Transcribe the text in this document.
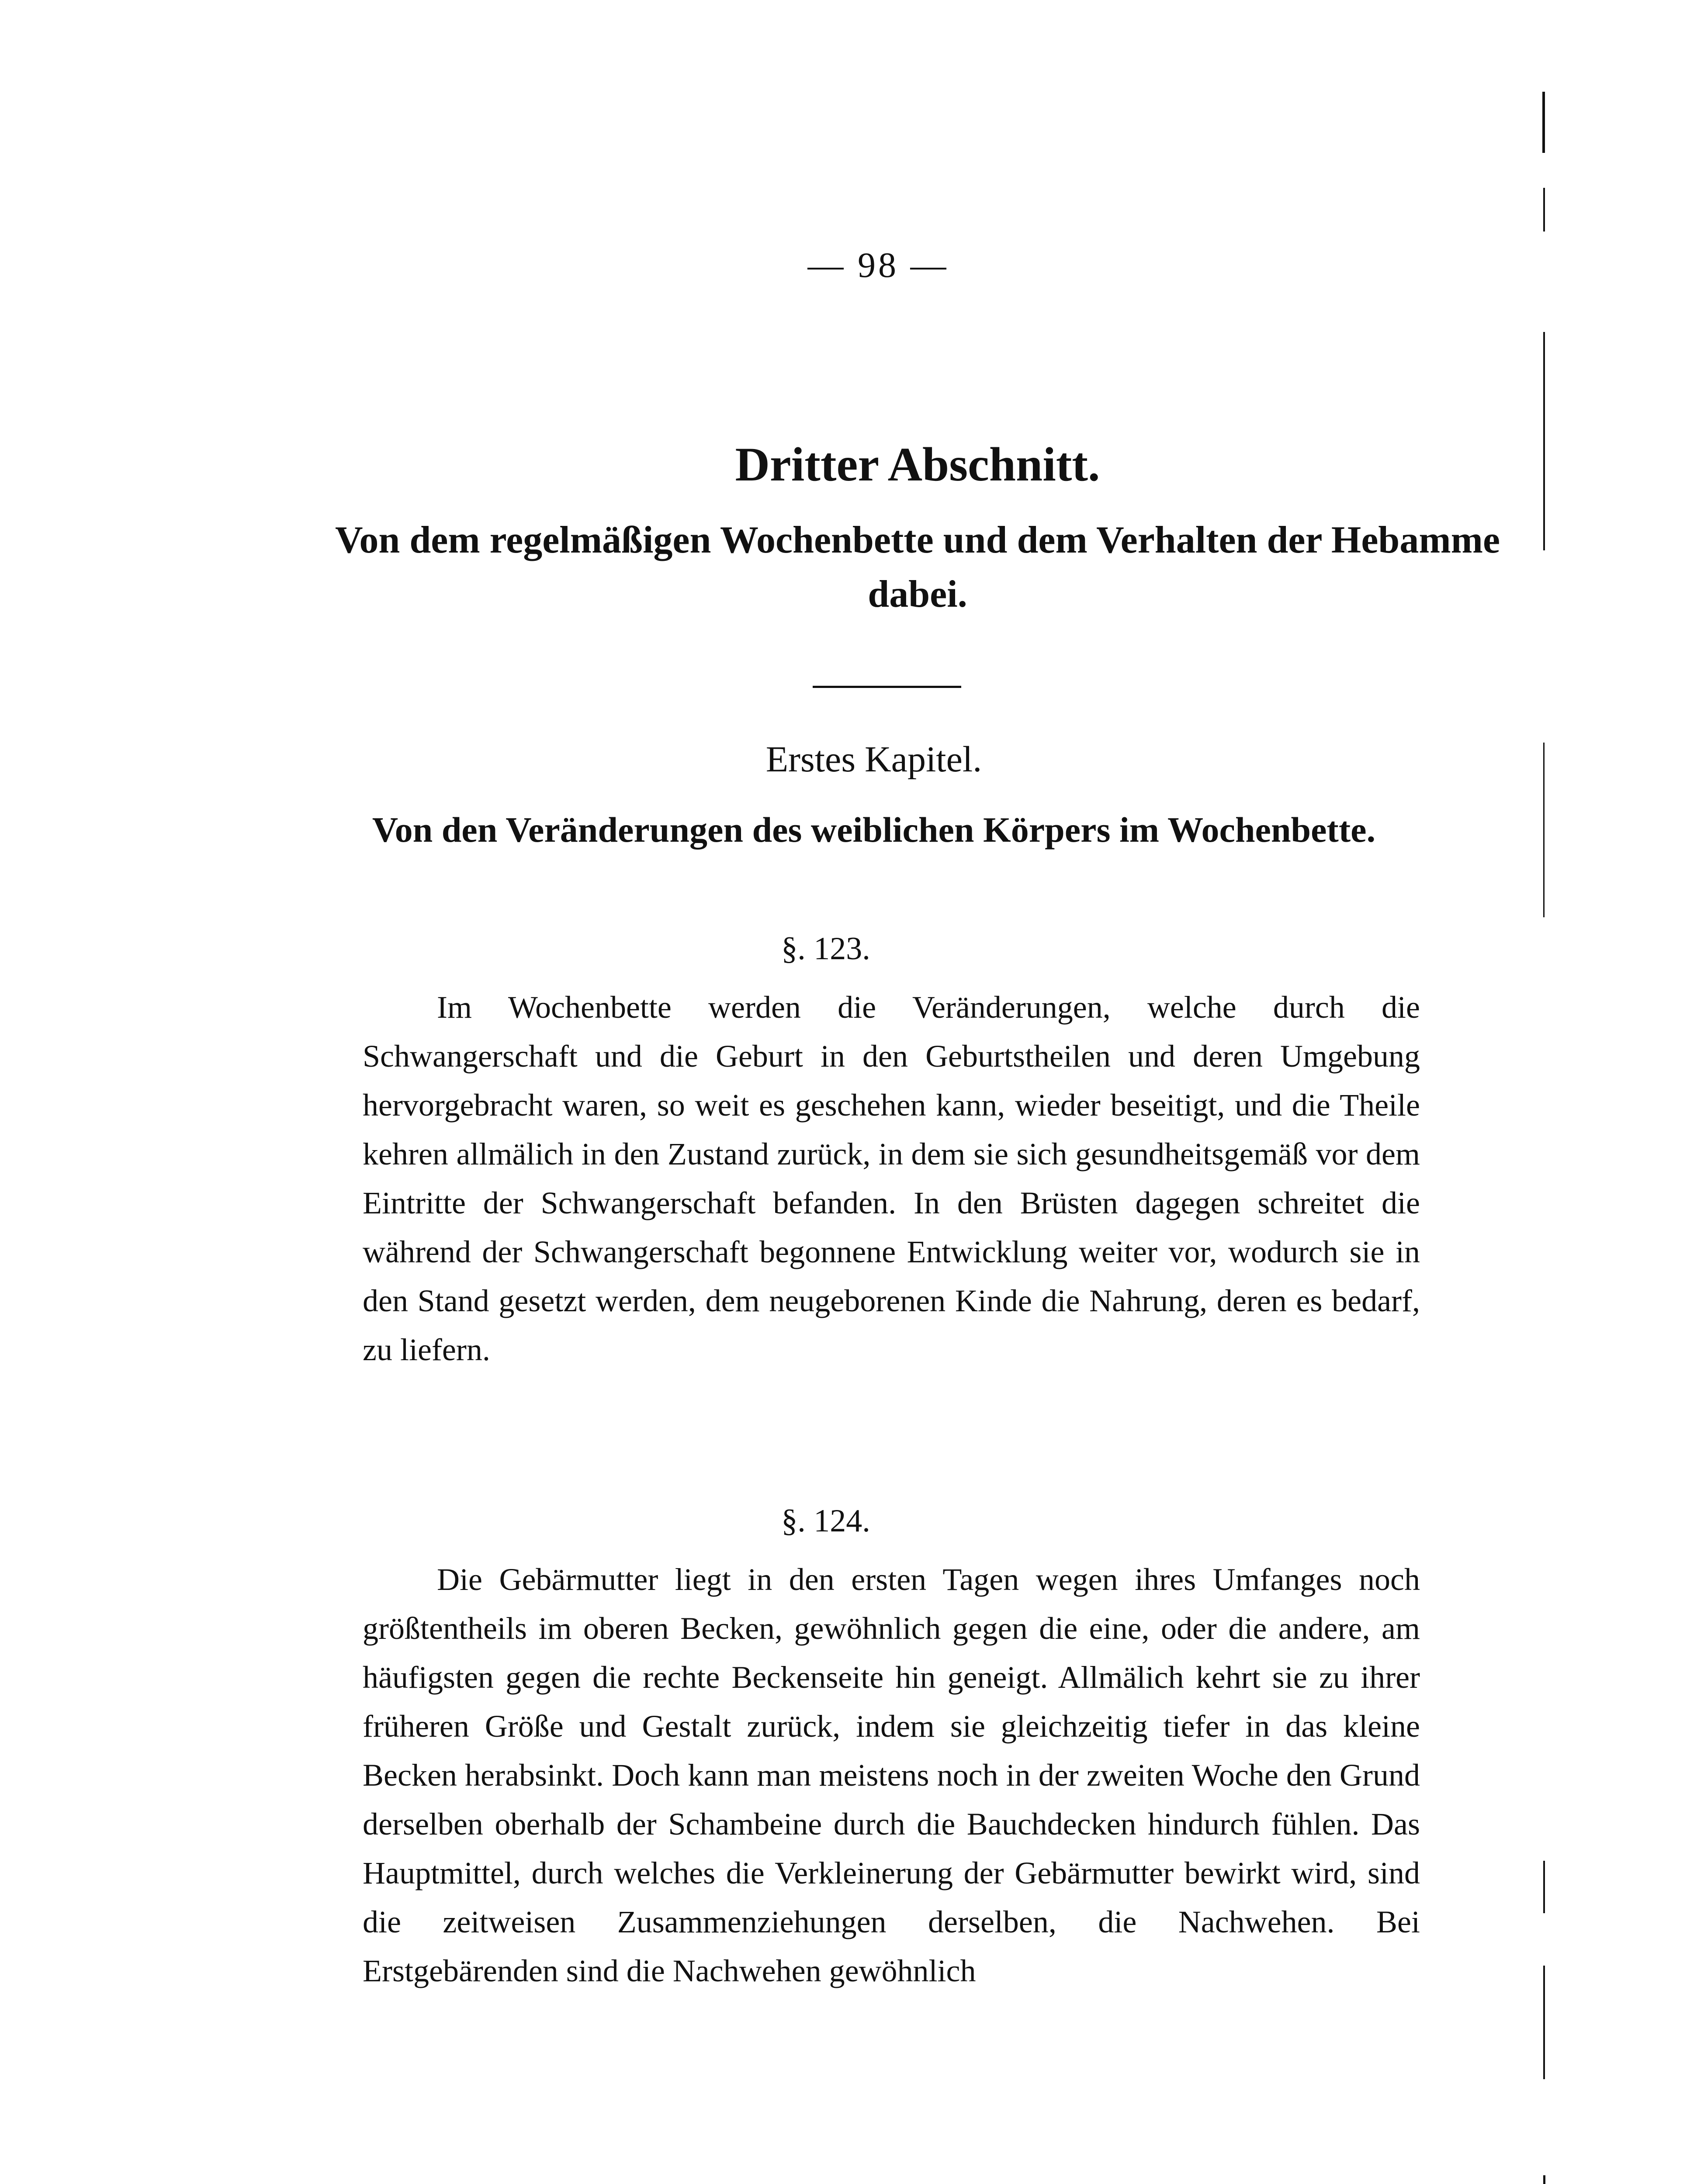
— 98 —
Dritter Abschnitt.
Von dem regelmäßigen Wochenbette und dem Verhalten der Hebamme dabei.
Erstes Kapitel.
Von den Veränderungen des weiblichen Körpers im Wochenbette.
§. 123.

Im Wochenbette werden die Veränderungen, welche durch die Schwangerschaft und die Geburt in den Geburtstheilen und deren Umgebung hervorgebracht waren, so weit es geschehen kann, wieder beseitigt, und die Theile kehren allmälich in den Zustand zurück, in dem sie sich gesundheitsgemäß vor dem Eintritte der Schwangerschaft befanden. In den Brüsten dagegen schreitet die während der Schwangerschaft begonnene Entwicklung weiter vor, wodurch sie in den Stand gesetzt werden, dem neugeborenen Kinde die Nahrung, deren es bedarf, zu liefern.

§. 124.

Die Gebärmutter liegt in den ersten Tagen wegen ihres Umfanges noch größtentheils im oberen Becken, gewöhnlich gegen die eine, oder die andere, am häufigsten gegen die rechte Beckenseite hin geneigt. Allmälich kehrt sie zu ihrer früheren Größe und Gestalt zurück, indem sie gleichzeitig tiefer in das kleine Becken herabsinkt. Doch kann man meistens noch in der zweiten Woche den Grund derselben oberhalb der Schambeine durch die Bauchdecken hindurch fühlen. Das Hauptmittel, durch welches die Verkleinerung der Gebärmutter bewirkt wird, sind die zeitweisen Zusammenziehungen derselben, die Nachwehen. Bei Erstgebärenden sind die Nachwehen gewöhnlich
